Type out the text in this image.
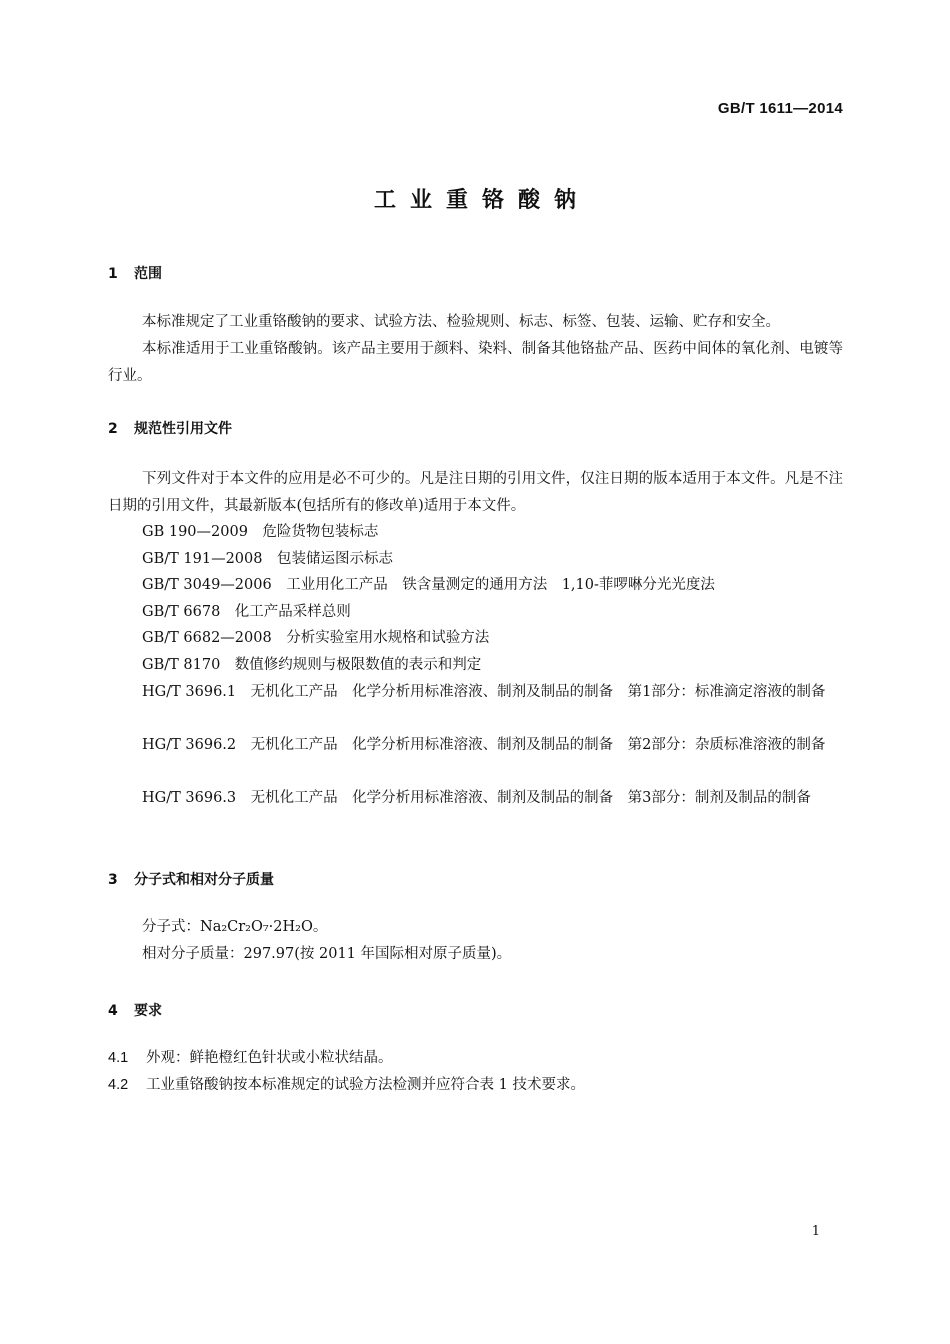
GB/T 1611—2014
工业重铬酸钠
1 范围
本标准规定了工业重铬酸钠的要求、试验方法、检验规则、标志、标签、包装、运输、贮存和安全。
本标准适用于工业重铬酸钠。该产品主要用于颜料、染料、制备其他铬盐产品、医药中间体的氧化剂、电镀等行业。
2 规范性引用文件
下列文件对于本文件的应用是必不可少的。凡是注日期的引用文件，仅注日期的版本适用于本文件。凡是不注日期的引用文件，其最新版本(包括所有的修改单)适用于本文件。
GB 190—2009　危险货物包装标志
GB/T 191—2008　包装储运图示标志
GB/T 3049—2006　工业用化工产品　铁含量测定的通用方法　1,10-菲啰啉分光光度法
GB/T 6678　化工产品采样总则
GB/T 6682—2008　分析实验室用水规格和试验方法
GB/T 8170　数值修约规则与极限数值的表示和判定
HG/T 3696.1　无机化工产品　化学分析用标准溶液、制剂及制品的制备　第1部分：标准滴定溶液的制备
HG/T 3696.2　无机化工产品　化学分析用标准溶液、制剂及制品的制备　第2部分：杂质标准溶液的制备
HG/T 3696.3　无机化工产品　化学分析用标准溶液、制剂及制品的制备　第3部分：制剂及制品的制备
3 分子式和相对分子质量
分子式：Na₂Cr₂O₇·2H₂O。
相对分子质量：297.97(按 2011 年国际相对原子质量)。
4 要求
4.1 外观：鲜艳橙红色针状或小粒状结晶。
4.2 工业重铬酸钠按本标准规定的试验方法检测并应符合表 1 技术要求。
1
